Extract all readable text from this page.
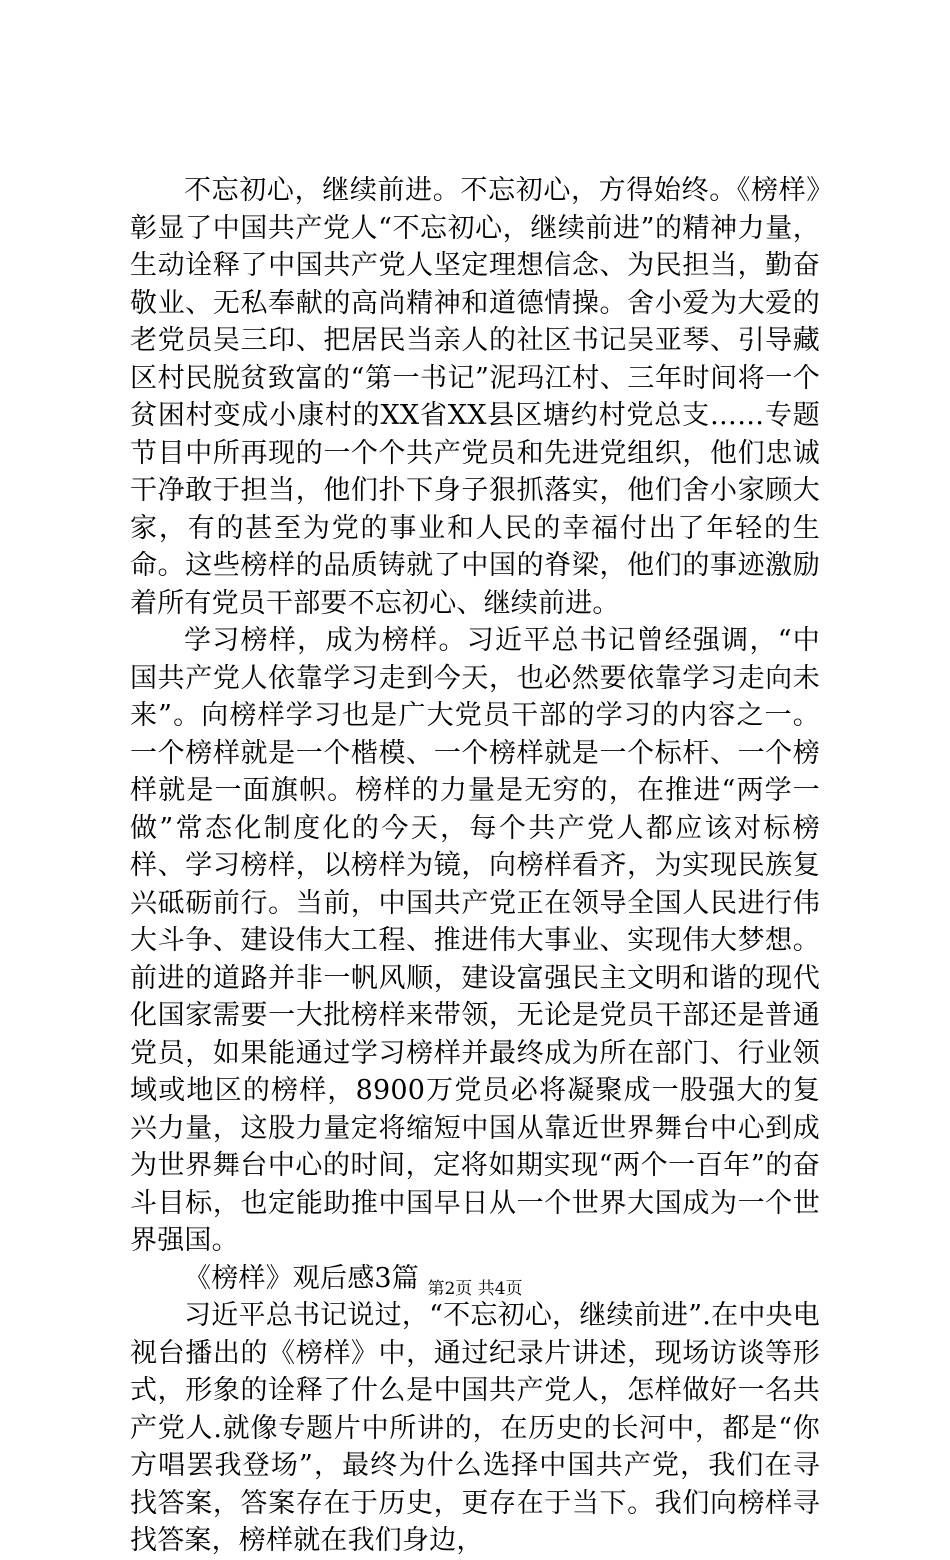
不忘初心，继续前进。不忘初心，方得始终。《榜样》彰显了中国共产党人“不忘初心，继续前进”的精神力量，生动诠释了中国共产党人坚定理想信念、为民担当，勤奋敬业、无私奉献的高尚精神和道德情操。舍小爱为大爱的老党员吴三印、把居民当亲人的社区书记吴亚琴、引导藏区村民脱贫致富的“第一书记”泥玛江村、三年时间将一个贫困村变成小康村的XX省XX县区塘约村党总支……专题节目中所再现的一个个共产党员和先进党组织，他们忠诚干净敢于担当，他们扑下身子狠抓落实，他们舍小家顾大家，有的甚至为党的事业和人民的幸福付出了年轻的生命。这些榜样的品质铸就了中国的脊梁，他们的事迹激励着所有党员干部要不忘初心、继续前进。

学习榜样，成为榜样。习近平总书记曾经强调，“中国共产党人依靠学习走到今天，也必然要依靠学习走向未来”。向榜样学习也是广大党员干部的学习的内容之一。一个榜样就是一个楷模、一个榜样就是一个标杆、一个榜样就是一面旗帜。榜样的力量是无穷的，在推进“两学一做”常态化制度化的今天，每个共产党人都应该对标榜样、学习榜样，以榜样为镜，向榜样看齐，为实现民族复兴砥砺前行。当前，中国共产党正在领导全国人民进行伟大斗争、建设伟大工程、推进伟大事业、实现伟大梦想。前进的道路并非一帆风顺，建设富强民主文明和谐的现代化国家需要一大批榜样来带领，无论是党员干部还是普通党员，如果能通过学习榜样并最终成为所在部门、行业领域或地区的榜样，8900万党员必将凝聚成一股强大的复兴力量，这股力量定将缩短中国从靠近世界舞台中心到成为世界舞台中心的时间，定将如期实现“两个一百年”的奋斗目标，也定能助推中国早日从一个世界大国成为一个世界强国。

《榜样》观后感3篇

习近平总书记说过，“不忘初心，继续前进”.在中央电视台播出的《榜样》中，通过纪录片讲述，现场访谈等形式，形象的诠释了什么是中国共产党人，怎样做好一名共产党人.就像专题片中所讲的，在历史的长河中，都是“你方唱罢我登场”，最终为什么选择中国共产党，我们在寻找答案，答案存在于历史，更存在于当下。我们向榜样寻找答案，榜样就在我们身边，

第2页 共4页
